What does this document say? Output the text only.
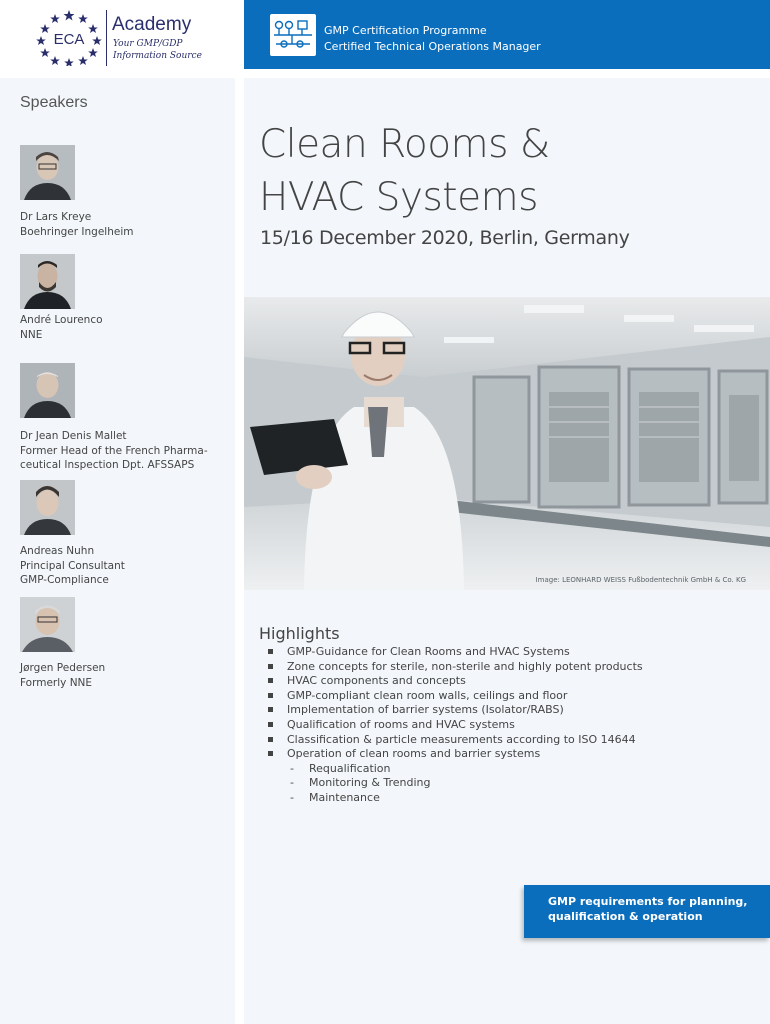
ECA
Academy
Your GMP/GDP
Information Source
GMP Certification Programme
Certified Technical Operations Manager
Speakers
Dr Lars Kreye
Boehringer Ingelheim
André Lourenco
NNE
Dr Jean Denis Mallet
Former Head of the French Pharma-
ceutical Inspection Dpt. AFSSAPS
Andreas Nuhn
Principal Consultant
GMP-Compliance
Jørgen Pedersen
Formerly NNE
Clean Rooms &
HVAC Systems
15/16 December 2020, Berlin, Germany
Image: LEONHARD WEISS Fußbodentechnik GmbH & Co. KG
Highlights
GMP-Guidance for Clean Rooms and HVAC Systems
Zone concepts for sterile, non-sterile and highly potent products
HVAC components and concepts
GMP-compliant clean room walls, ceilings and floor
Implementation of barrier systems (Isolator/RABS)
Qualification of rooms and HVAC systems
Classification & particle measurements according to ISO 14644
Operation of clean rooms and barrier systems
- Requalification
- Monitoring & Trending
- Maintenance
GMP requirements for planning,
qualification & operation
